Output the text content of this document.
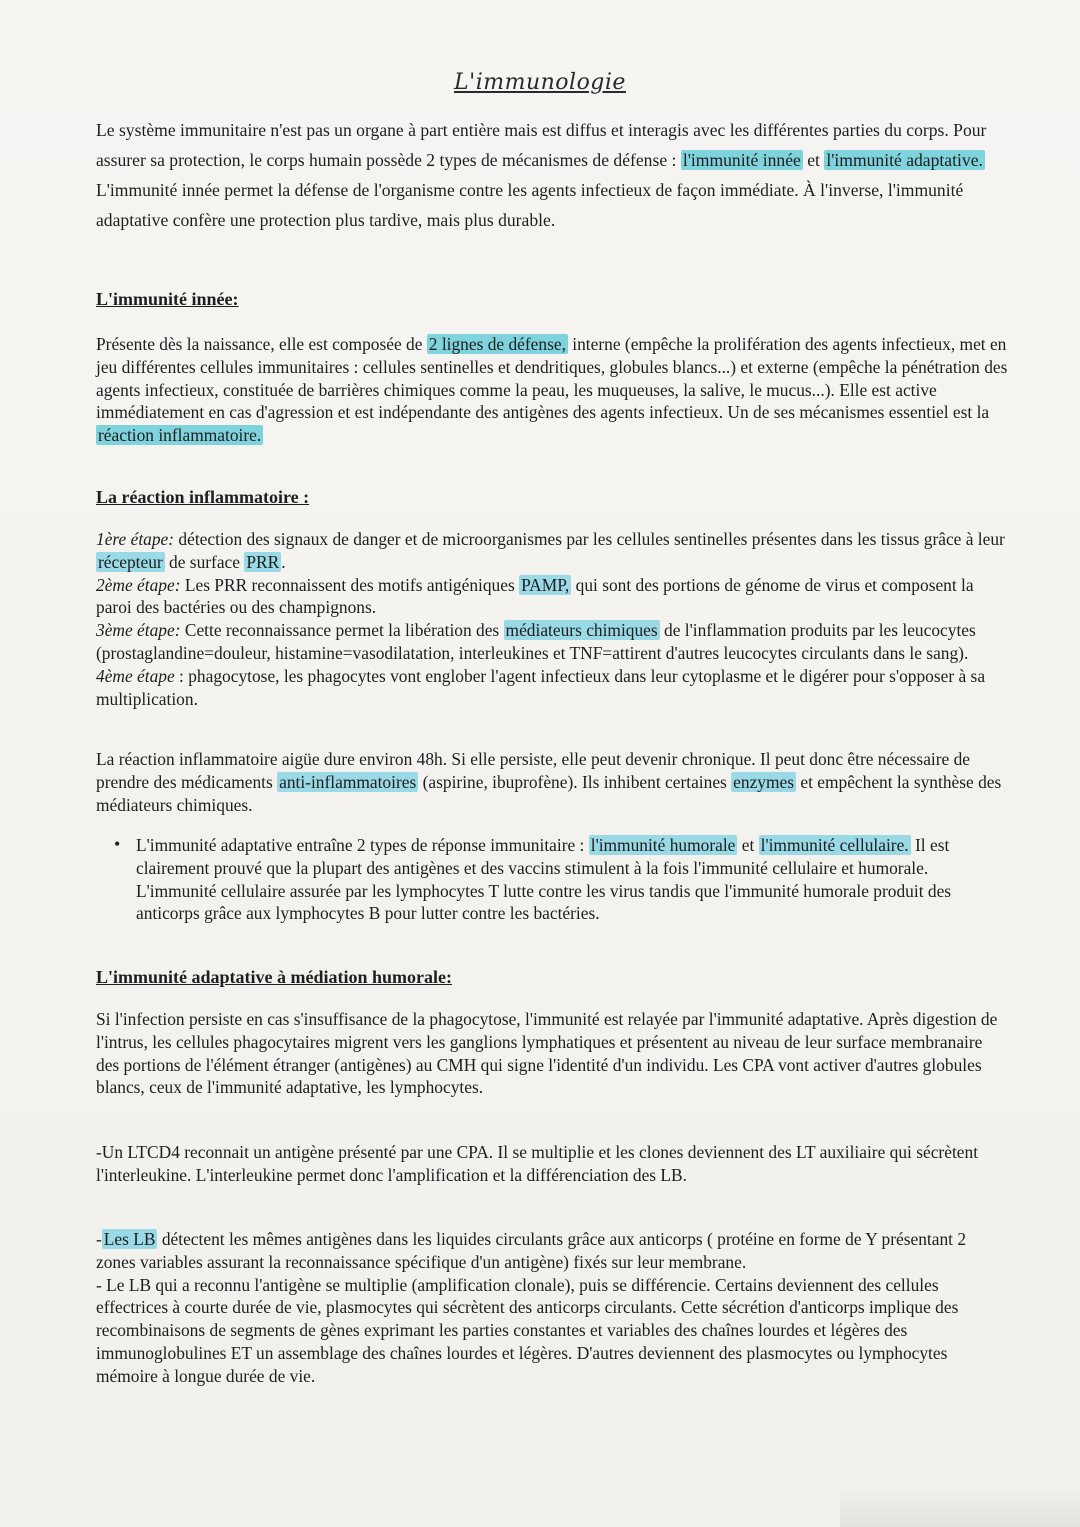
L'immunologie

Le système immunitaire n'est pas un organe à part entière mais est diffus et interagis avec les différentes parties du corps. Pour assurer sa protection, le corps humain possède 2 types de mécanismes de défense : l'immunité innée et l'immunité adaptative. L'immunité innée permet la défense de l'organisme contre les agents infectieux de façon immédiate. À l'inverse, l'immunité adaptative confère une protection plus tardive, mais plus durable.

L'immunité innée:

Présente dès la naissance, elle est composée de 2 lignes de défense, interne (empêche la prolifération des agents infectieux, met en jeu différentes cellules immunitaires : cellules sentinelles et dendritiques, globules blancs...) et externe (empêche la pénétration des agents infectieux, constituée de barrières chimiques comme la peau, les muqueuses, la salive, le mucus...). Elle est active immédiatement en cas d'agression et est indépendante des antigènes des agents infectieux. Un de ses mécanismes essentiel est la réaction inflammatoire.

La réaction inflammatoire :

1ère étape: détection des signaux de danger et de microorganismes par les cellules sentinelles présentes dans les tissus grâce à leur récepteur de surface PRR .

2ème étape: Les PRR reconnaissent des motifs antigéniques PAMP, qui sont des portions de génome de virus et composent la paroi des bactéries ou des champignons.

3ème étape: Cette reconnaissance permet la libération des médiateurs chimiques de l'inflammation produits par les leucocytes (prostaglandine=douleur, histamine=vasodilatation, interleukines et TNF=attirent d'autres leucocytes circulants dans le sang).

4ème étape : phagocytose, les phagocytes vont englober l'agent infectieux dans leur cytoplasme et le digérer pour s'opposer à sa multiplication.

La réaction inflammatoire aigüe dure environ 48h. Si elle persiste, elle peut devenir chronique. Il peut donc être nécessaire de prendre des médicaments anti-inflammatoires (aspirine, ibuprofène). Ils inhibent certaines enzymes et empêchent la synthèse des médiateurs chimiques.

• L'immunité adaptative entraîne 2 types de réponse immunitaire : l'immunité humorale et l'immunité cellulaire. Il est clairement prouvé que la plupart des antigènes et des vaccins stimulent à la fois l'immunité cellulaire et humorale. L'immunité cellulaire assurée par les lymphocytes T lutte contre les virus tandis que l'immunité humorale produit des anticorps grâce aux lymphocytes B pour lutter contre les bactéries.
L'immunité adaptative à médiation humorale:

Si l'infection persiste en cas s'insuffisance de la phagocytose, l'immunité est relayée par l'immunité adaptative. Après digestion de l'intrus, les cellules phagocytaires migrent vers les ganglions lymphatiques et présentent au niveau de leur surface membranaire des portions de l'élément étranger (antigènes) au CMH qui signe l'identité d'un individu. Les CPA vont activer d'autres globules blancs, ceux de l'immunité adaptative, les lymphocytes.

-Un LTCD4 reconnait un antigène présenté par une CPA. Il se multiplie et les clones deviennent des LT auxiliaire qui sécrètent l'interleukine. L'interleukine permet donc l'amplification et la différenciation des LB.

- Les LB détectent les mêmes antigènes dans les liquides circulants grâce aux anticorps ( protéine en forme de Y présentant 2 zones variables assurant la reconnaissance spécifique d'un antigène) fixés sur leur membrane.

- Le LB qui a reconnu l'antigène se multiplie (amplification clonale), puis se différencie. Certains deviennent des cellules effectrices à courte durée de vie, plasmocytes qui sécrètent des anticorps circulants. Cette sécrétion d'anticorps implique des recombinaisons de segments de gènes exprimant les parties constantes et variables des chaînes lourdes et légères des immunoglobulines ET un assemblage des chaînes lourdes et légères. D'autres deviennent des plasmocytes ou lymphocytes mémoire à longue durée de vie.
